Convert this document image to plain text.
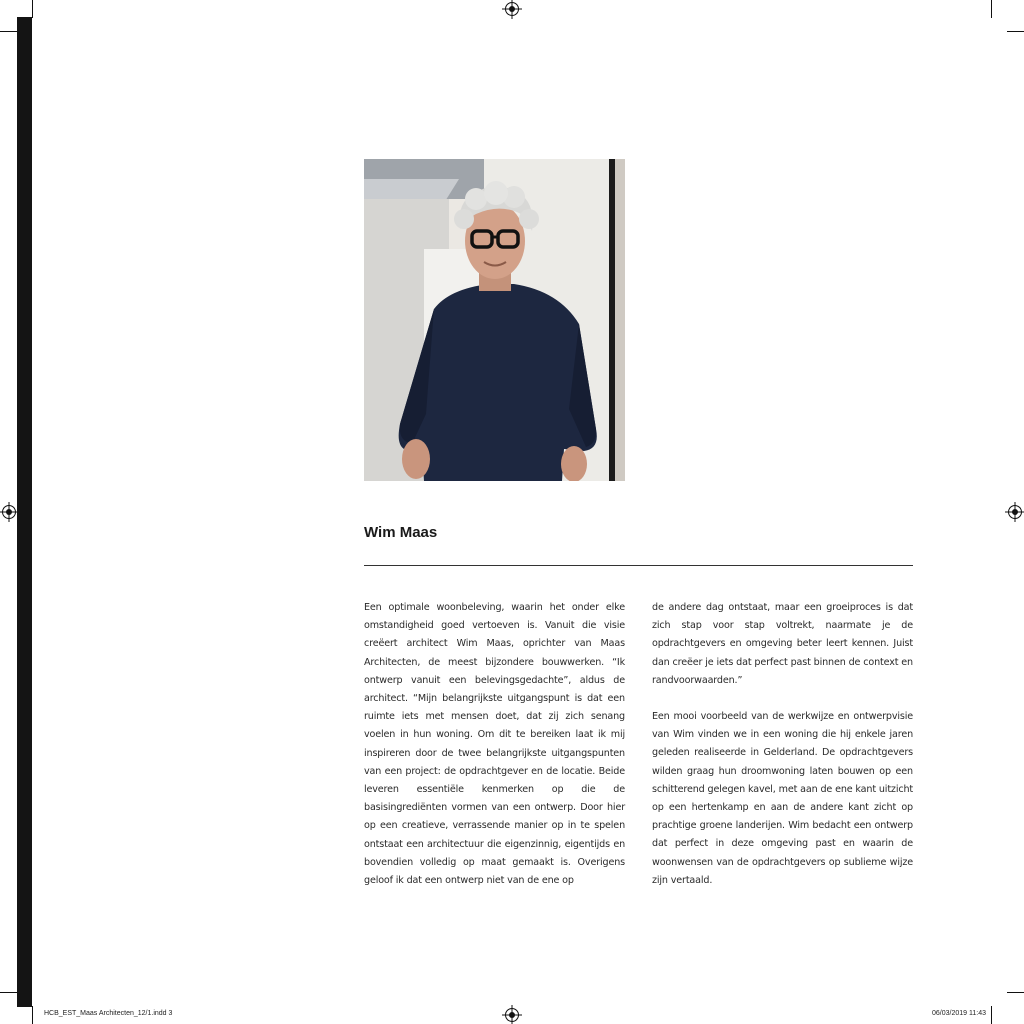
Wim Maas

Een optimale woonbeleving, waarin het onder elke omstandigheid goed vertoeven is. Vanuit die visie creëert architect Wim Maas, oprichter van Maas Architecten, de meest bijzondere bouwwerken. “Ik ontwerp vanuit een belevingsgedachte”, aldus de architect. “Mijn belangrijkste uitgangspunt is dat een ruimte iets met mensen doet, dat zij zich senang voelen in hun woning. Om dit te bereiken laat ik mij inspireren door de twee belangrijkste uitgangspunten van een project: de opdrachtgever en de locatie. Beide leveren essentiële kenmerken op die de basisingrediënten vormen van een ontwerp. Door hier op een creatieve, verrassende manier op in te spelen ontstaat een architectuur die eigenzinnig, eigentijds en bovendien volledig op maat gemaakt is. Overigens geloof ik dat een ontwerp niet van de ene op

de andere dag ontstaat, maar een groeiproces is dat zich stap voor stap voltrekt, naarmate je de opdrachtgevers en omgeving beter leert kennen. Juist dan creëer je iets dat perfect past binnen de context en randvoorwaarden.”

Een mooi voorbeeld van de werkwijze en ontwerpvisie van Wim vinden we in een woning die hij enkele jaren geleden realiseerde in Gelderland. De opdrachtgevers wilden graag hun droomwoning laten bouwen op een schitterend gelegen kavel, met aan de ene kant uitzicht op een hertenkamp en aan de andere kant zicht op prachtige groene landerijen. Wim bedacht een ontwerp dat perfect in deze omgeving past en waarin de woonwensen van de opdrachtgevers op sublieme wijze zijn vertaald.

HCB_EST_Maas Architecten_12/1.indd 3	06/03/2019 11:43
